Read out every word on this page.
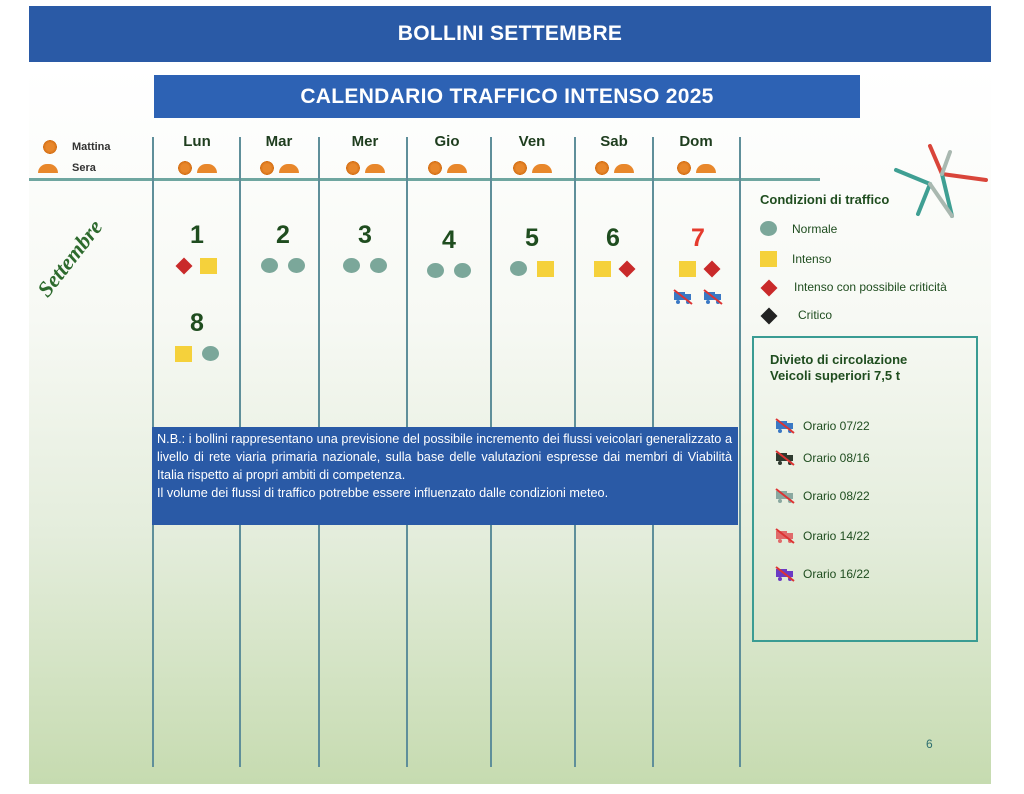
BOLLINI SETTEMBRE
CALENDARIO TRAFFICO INTENSO 2025
Mattina
Sera
Lun	Mar	Mer	Gio	Ven	Sab	Dom
Settembre	1	2	3	4	5	6	7
8
N.B.: i bollini rappresentano una previsione del possibile incremento dei flussi veicolari generalizzato a livello di rete viaria primaria nazionale, sulla base delle valutazioni espresse dai membri di Viabilità Italia rispetto ai propri ambiti di competenza.
Il volume dei flussi di traffico potrebbe essere influenzato dalle condizioni meteo.
Condizioni di traffico
Normale
Intenso
Intenso con possibile criticità
Critico
Divieto di circolazione
Veicoli superiori 7,5 t
Orario 07/22
Orario 08/16
Orario 08/22
Orario 14/22
Orario 16/22
6
